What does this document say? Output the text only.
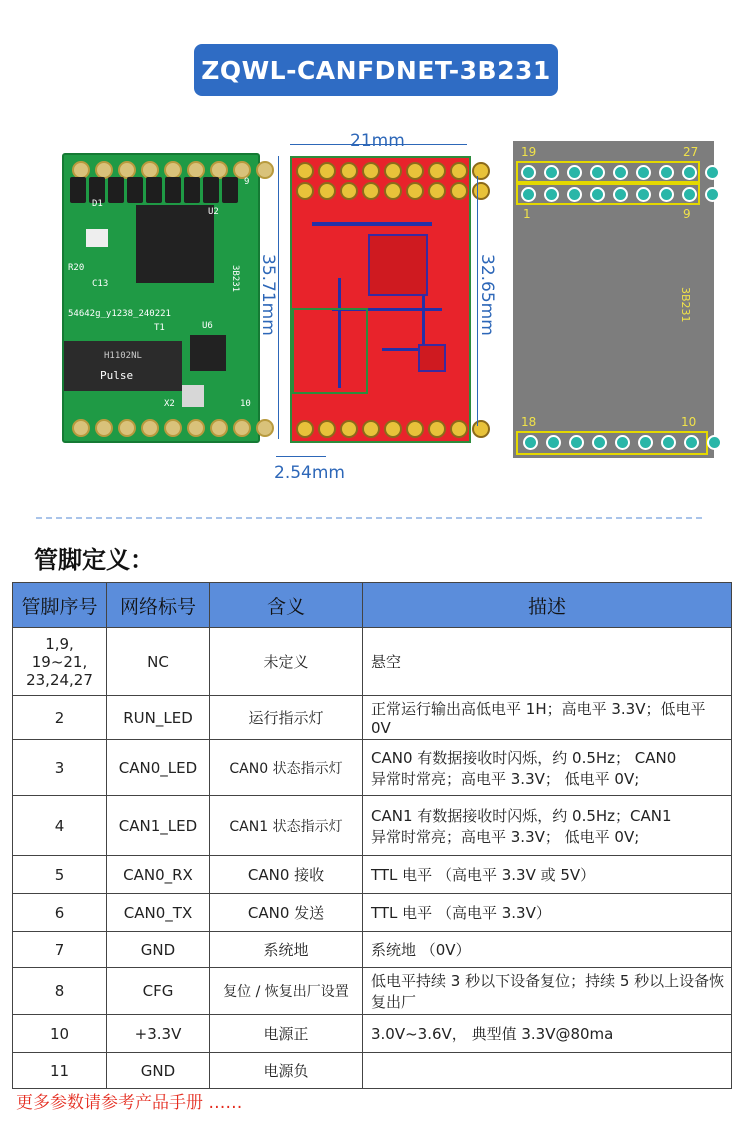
ZQWL-CANFDNET-3B231
Pulse
H1102NL
D1
U2
R20
C13	3B231
54642g_y1238_240221
U6
T1
X2
9
10
21mm
35.71mm	32.65mm
2.54mm
19	27
1	9
3B231
18	10
管脚定义：
管脚序号	网络标号	含义	描述
1,9,
19~21,
23,24,27	NC	未定义	悬空
2	RUN_LED	运行指示灯	正常运行输出高低电平 1H；高电平 3.3V；低电平 0V
3	CAN0_LED	CAN0 状态指示灯	CAN0 有数据接收时闪烁，约 0.5Hz； CAN0
异常时常亮；高电平 3.3V； 低电平 0V;
4	CAN1_LED	CAN1 状态指示灯	CAN1 有数据接收时闪烁，约 0.5Hz；CAN1
异常时常亮；高电平 3.3V； 低电平 0V;
5	CAN0_RX	CAN0 接收	TTL 电平 （高电平 3.3V 或 5V）
6	CAN0_TX	CAN0 发送	TTL 电平 （高电平 3.3V）
7	GND	系统地	系统地 （0V）
8	CFG	复位 / 恢复出厂设置	低电平持续 3 秒以下设备复位；持续 5 秒以上设备恢复出厂
10	+3.3V	电源正	3.0V~3.6V， 典型值 3.3V@80ma
11	GND	电源负	
更多参数请参考产品手册 ……
